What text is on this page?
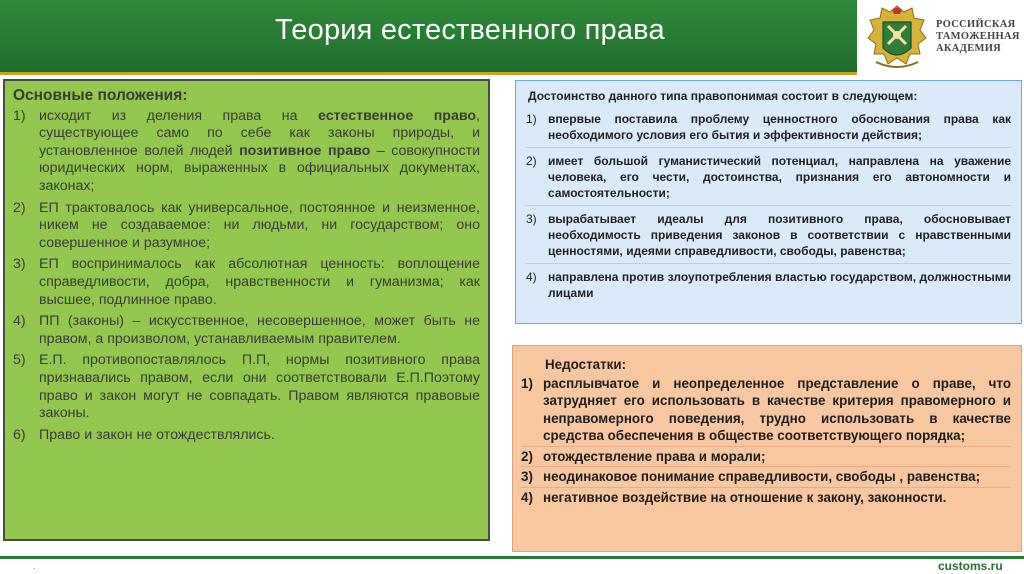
Теория естественного права	РОССИЙСКАЯ
ТАМОЖЕННАЯ
АКАДЕМИЯ
Основные положения:
1) исходит из деления права на естественное право, существующее само по себе как законы природы, и установленное волей людей позитивное право – совокупности юридических норм, выраженных в официальных документах, законах;
2) ЕП трактовалось как универсальное, постоянное и неизменное, никем не создаваемое: ни людьми, ни государством; оно совершенное и разумное;
3) ЕП воспринималось как абсолютная ценность: воплощение справедливости, добра, нравственности и гуманизма; как высшее, подлинное право.
4) ПП (законы) – искусственное, несовершенное, может быть не правом, а произволом, устанавливаемым правителем.
5) Е.П. противопоставлялось П.П, нормы позитивного права признавались правом, если они соответствовали Е.П.Поэтому право и закон могут не совпадать. Правом являются правовые законы.
6) Право и закон не отождествлялись.
Достоинство данного типа правопонимая состоит в следующем:
1) впервые поставила проблему ценностного обоснования права как необходимого условия его бытия и эффективности действия;
2) имеет большой гуманистический потенциал, направлена на уважение человека, его чести, достоинства, признания его автономности и самостоятельности;
3) вырабатывает идеалы для позитивного права, обосновывает необходимость приведения законов в соответствии с нравственными ценностями, идеями справедливости, свободы, равенства;
4) направлена против злоупотребления властью государством, должностными лицами
Недостатки:
1) расплывчатое и неопределенное представление о праве, что затрудняет его использовать в качестве критерия правомерного и неправомерного поведения, трудно использовать в качестве средства обеспечения в обществе соответствующего порядка;
2) отождествление права и морали;
3) неодинаковое понимание справедливости, свободы , равенства;
4) негативное воздействие на отношение к закону, законности.
.	customs.ru
